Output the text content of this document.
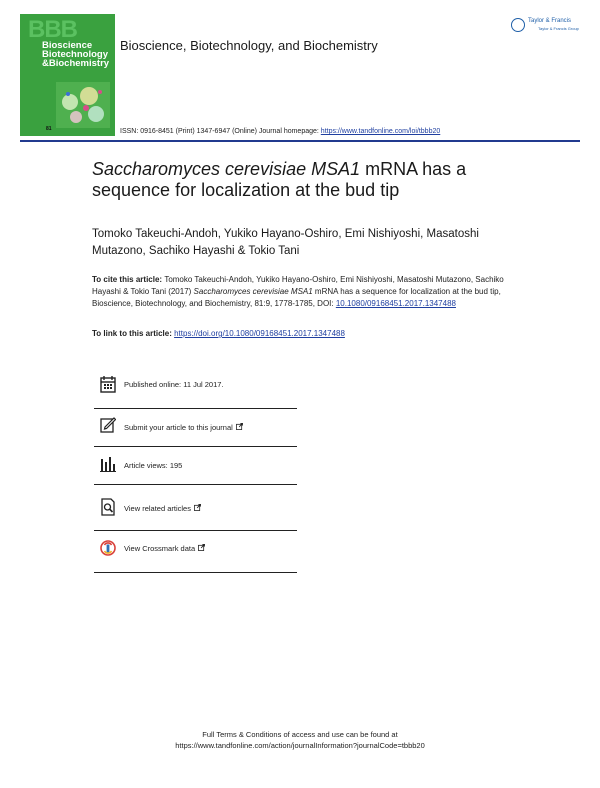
BBB
Bioscience
Biotechnology
&Biochemistry
81
Bioscience, Biotechnology, and Biochemistry
Taylor & Francis
Taylor & Francis Group
ISSN: 0916-8451 (Print) 1347-6947 (Online) Journal homepage: https://www.tandfonline.com/loi/tbbb20
Saccharomyces cerevisiae MSA1 mRNA has a sequence for localization at the bud tip

Tomoko Takeuchi-Andoh, Yukiko Hayano-Oshiro, Emi Nishiyoshi, Masatoshi Mutazono, Sachiko Hayashi & Tokio Tani

To cite this article: Tomoko Takeuchi-Andoh, Yukiko Hayano-Oshiro, Emi Nishiyoshi, Masatoshi Mutazono, Sachiko Hayashi & Tokio Tani (2017) Saccharomyces cerevisiae MSA1 mRNA has a sequence for localization at the bud tip, Bioscience, Biotechnology, and Biochemistry, 81:9, 1778-1785, DOI: 10.1080/09168451.2017.1347488

To link to this article: https://doi.org/10.1080/09168451.2017.1347488

Published online: 11 Jul 2017.
Submit your article to this journal
Article views: 195
View related articles
View Crossmark data
Full Terms & Conditions of access and use can be found at
https://www.tandfonline.com/action/journalInformation?journalCode=tbbb20
